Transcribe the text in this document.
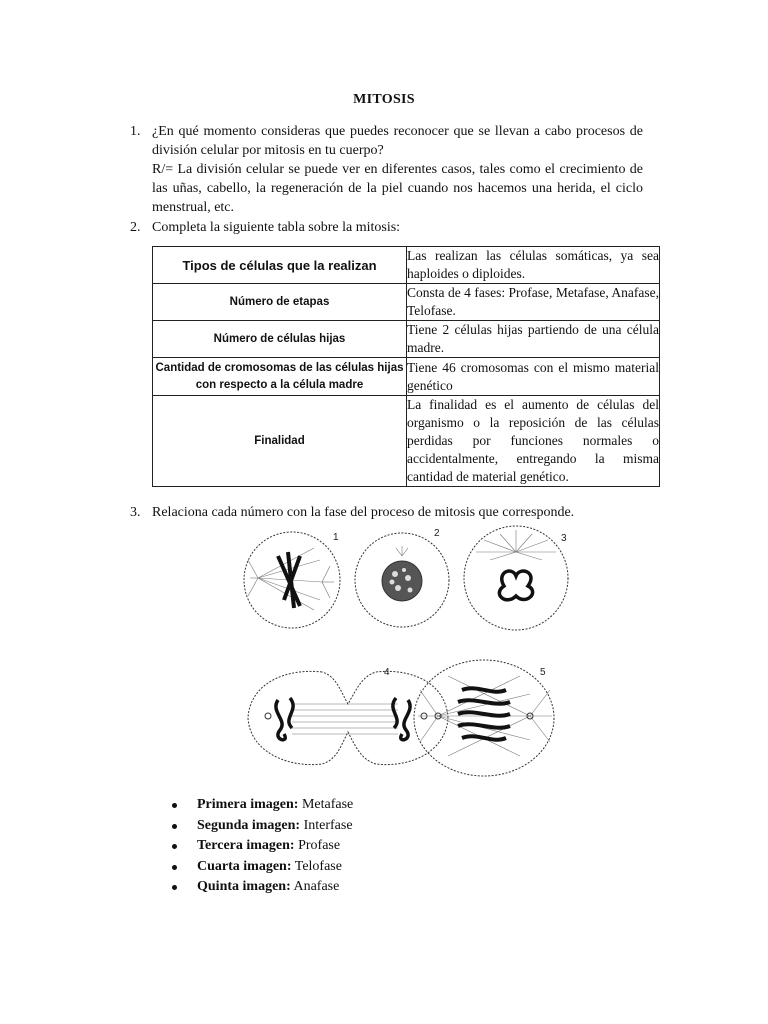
MITOSIS
1. ¿En qué momento consideras que puedes reconocer que se llevan a cabo procesos de división celular por mitosis en tu cuerpo?
R/= La división celular se puede ver en diferentes casos, tales como el crecimiento de las uñas, cabello, la regeneración de la piel cuando nos hacemos una herida, el ciclo menstrual, etc.
2. Completa la siguiente tabla sobre la mitosis:
Tipos de células que la realizan	Las realizan las células somáticas, ya sea haploides o diploides.
Número de etapas	Consta de 4 fases: Profase, Metafase, Anafase, Telofase.
Número de células hijas	Tiene 2 células hijas partiendo de una célula madre.
Cantidad de cromosomas de las células hijas con respecto a la célula madre	Tiene 46 cromosomas con el mismo material genético
Finalidad	La finalidad es el aumento de células del organismo o la reposición de las células perdidas por funciones normales o accidentalmente, entregando la misma cantidad de material genético.
3. Relaciona cada número con la fase del proceso de mitosis que corresponde.
1	2	3
4	5
Primera imagen: Metafase
Segunda imagen: Interfase
Tercera imagen: Profase
Cuarta imagen: Telofase
Quinta imagen: Anafase
